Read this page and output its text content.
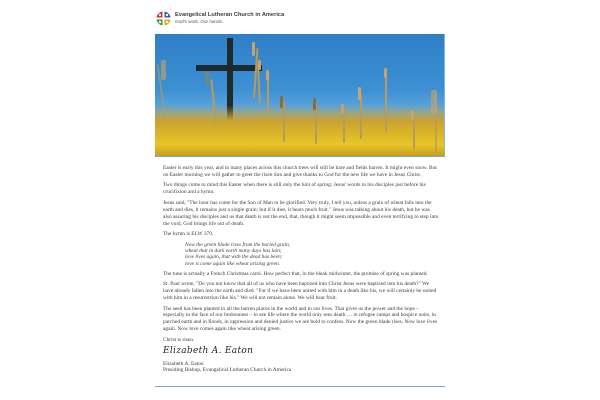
Evangelical Lutheran Church in America
God's work. Our hands.

Easter is early this year, and in many places across this church trees will still be bare and fields barren. It might even snow. But on Easter morning we will gather to greet the risen Son and give thanks to God for the new life we have in Jesus Christ.

Two things come to mind this Easter when there is still only the hint of spring: Jesus' words to his disciples just before his crucifixion and a hymn.

Jesus said, "The hour has come for the Son of Man to be glorified. Very truly, I tell you, unless a grain of wheat falls into the earth and dies, it remains just a single grain; but if it dies, it bears much fruit." Jesus was talking about his death, but he was also assuring his disciples and us that death is not the end, that, though it might seem impossible and even terrifying to step into the void, God brings life out of death.

The hymn is ELW 379.

Now the green blade rises from the buried grain,
wheat that in dark earth many days has lain;
love lives again, that with the dead has been;
love is come again like wheat arising green.

The tune is actually a French Christmas carol. How perfect that, in the bleak midwinter, the promise of spring was planted.

St. Paul wrote, "Do you not know that all of us who have been baptized into Christ Jesus were baptized into his death?" We have already fallen into the earth and died. "For if we have been united with him in a death like his, we will certainly be united with him in a resurrection like his." We will not remain alone. We will bear fruit.

The seed has been planted in all the barren places in the world and in our lives. That gives us the power and the hope – especially in the face of our brokenness – to see life where the world only sees death … in refugee camps and hospice units, in parched earth and in floods, in oppression and denied justice we are bold to confess. Now the green blade rises. Now love lives again. Now love comes again like wheat arising green.

Christ is risen.

Elizabeth A. Eaton
Elizabeth A. Eaton
Presiding Bishop, Evangelical Lutheran Church in America
